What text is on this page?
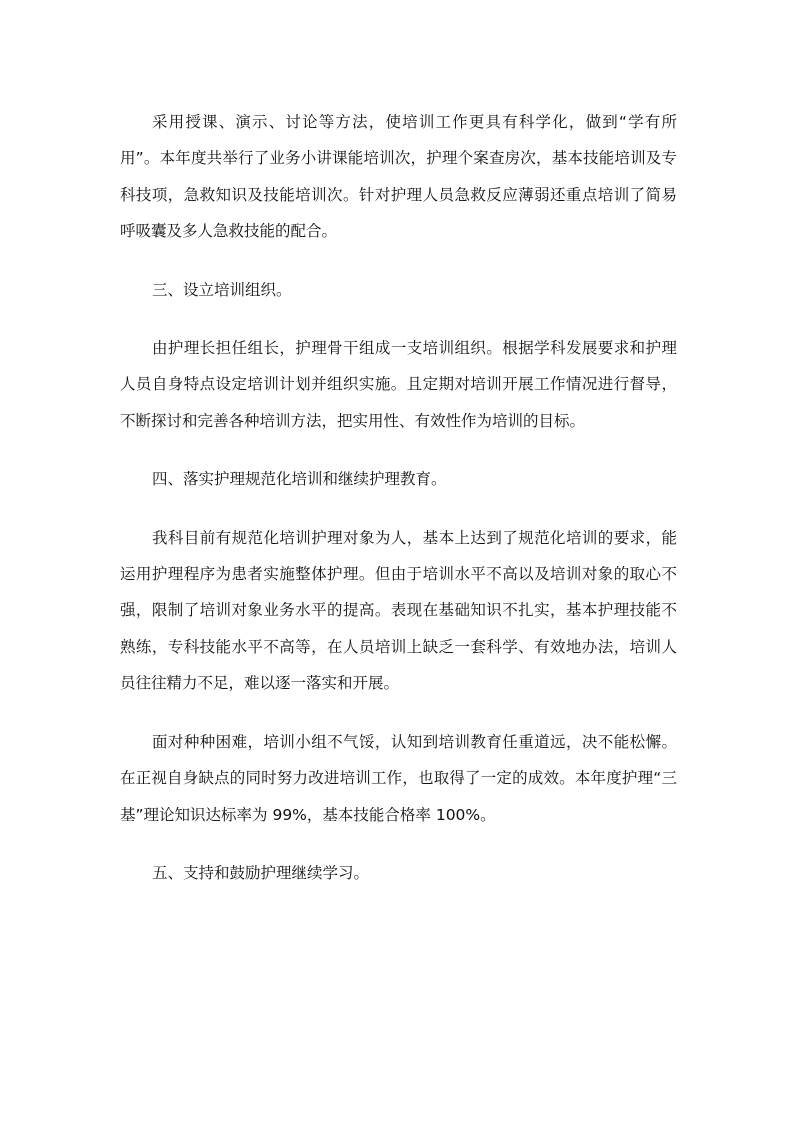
采用授课、演示、讨论等方法，使培训工作更具有科学化，做到“学有所用”。本年度共举行了业务小讲课能培训次，护理个案查房次，基本技能培训及专科技项，急救知识及技能培训次。针对护理人员急救反应薄弱还重点培训了简易呼吸囊及多人急救技能的配合。

三、设立培训组织。

由护理长担任组长，护理骨干组成一支培训组织。根据学科发展要求和护理人员自身特点设定培训计划并组织实施。且定期对培训开展工作情况进行督导，不断探讨和完善各种培训方法，把实用性、有效性作为培训的目标。

四、落实护理规范化培训和继续护理教育。

我科目前有规范化培训护理对象为人，基本上达到了规范化培训的要求，能运用护理程序为患者实施整体护理。但由于培训水平不高以及培训对象的取心不强，限制了培训对象业务水平的提高。表现在基础知识不扎实，基本护理技能不熟练，专科技能水平不高等，在人员培训上缺乏一套科学、有效地办法，培训人员往往精力不足，难以逐一落实和开展。

面对种种困难，培训小组不气馁，认知到培训教育任重道远，决不能松懈。在正视自身缺点的同时努力改进培训工作，也取得了一定的成效。本年度护理“三基”理论知识达标率为 99%，基本技能合格率 100%。

五、支持和鼓励护理继续学习。
